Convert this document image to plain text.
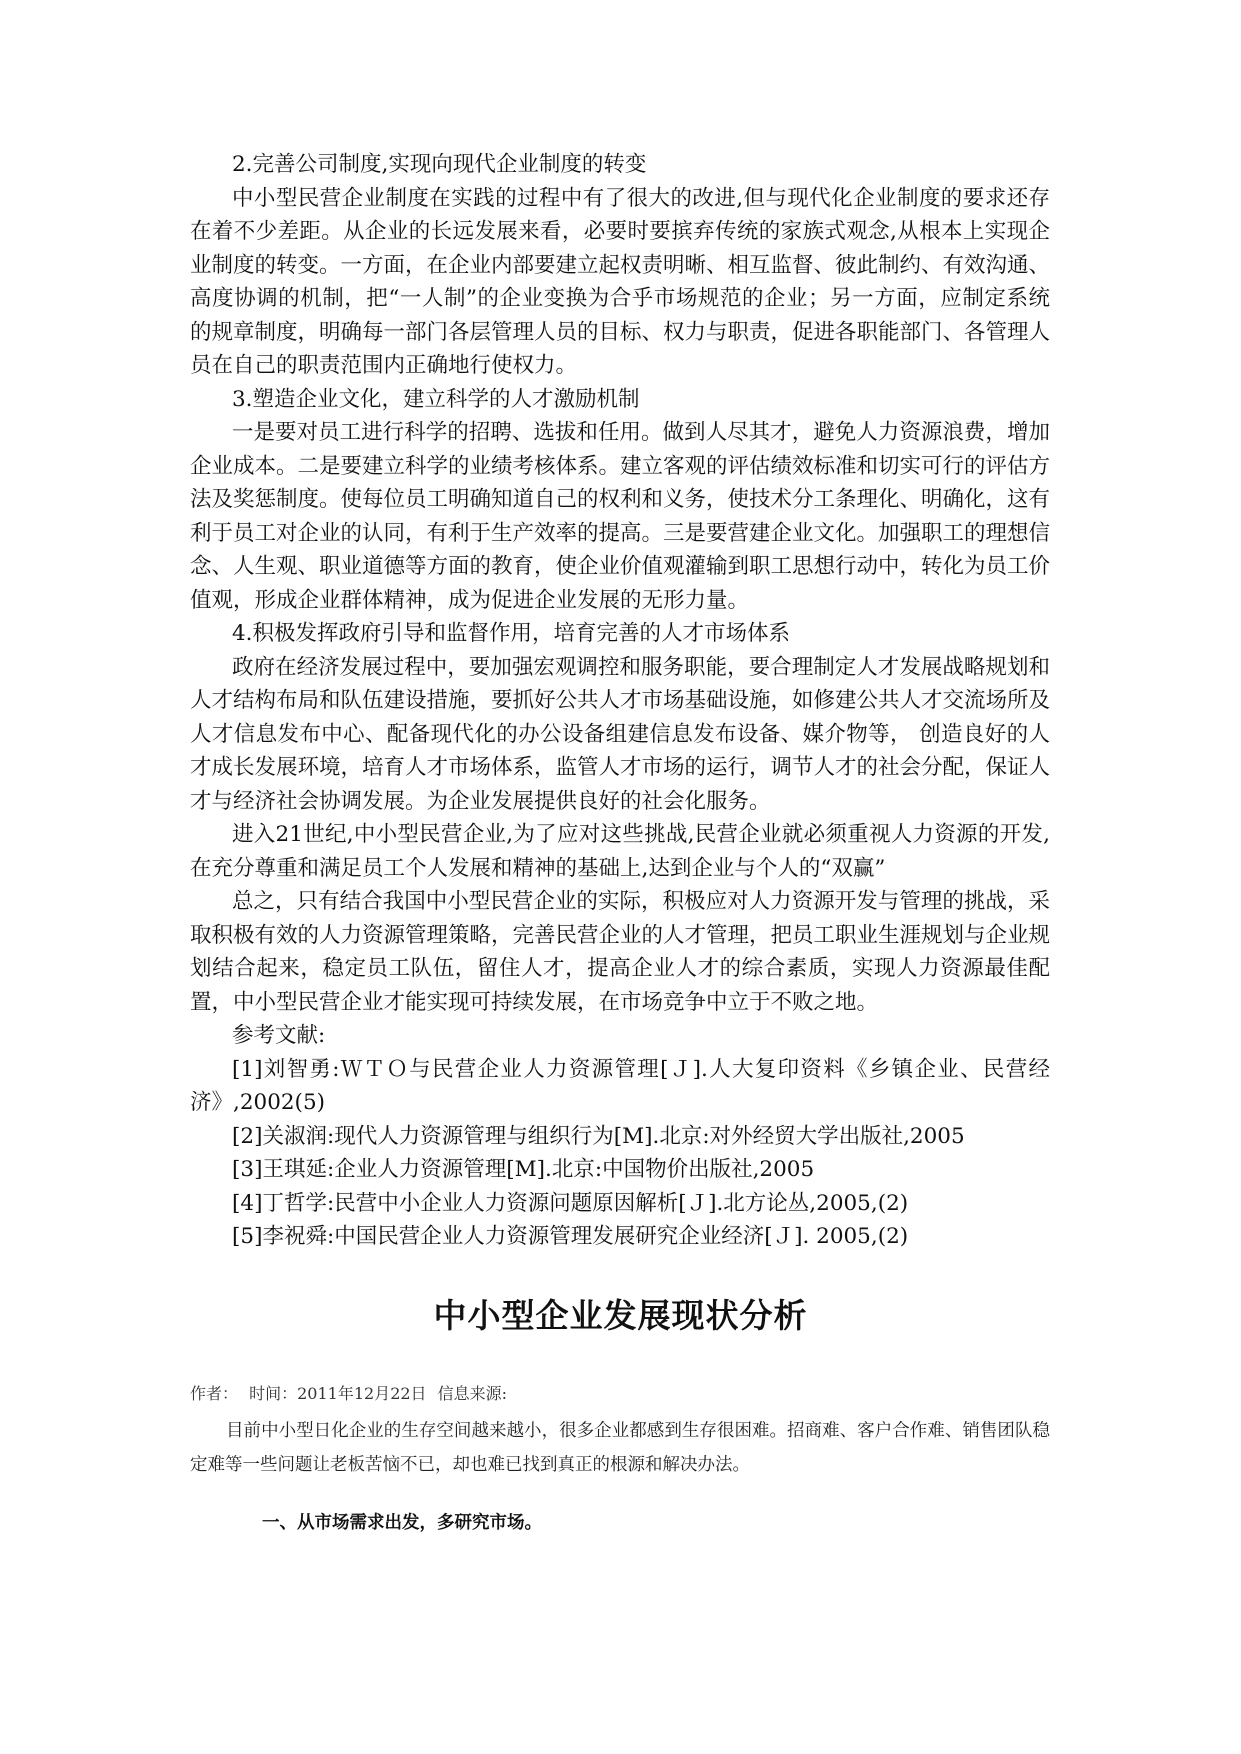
2.完善公司制度,实现向现代企业制度的转变

中小型民营企业制度在实践的过程中有了很大的改进,但与现代化企业制度的要求还存在着不少差距。从企业的长远发展来看，必要时要摈弃传统的家族式观念,从根本上实现企业制度的转变。一方面，在企业内部要建立起权责明晰、相互监督、彼此制约、有效沟通、高度协调的机制，把“一人制”的企业变换为合乎市场规范的企业；另一方面，应制定系统的规章制度，明确每一部门各层管理人员的目标、权力与职责，促进各职能部门、各管理人员在自己的职责范围内正确地行使权力。

3.塑造企业文化，建立科学的人才激励机制

一是要对员工进行科学的招聘、选拔和任用。做到人尽其才，避免人力资源浪费，增加企业成本。二是要建立科学的业绩考核体系。建立客观的评估绩效标准和切实可行的评估方法及奖惩制度。使每位员工明确知道自己的权利和义务，使技术分工条理化、明确化，这有利于员工对企业的认同，有利于生产效率的提高。三是要营建企业文化。加强职工的理想信念、人生观、职业道德等方面的教育，使企业价值观灌输到职工思想行动中，转化为员工价值观，形成企业群体精神，成为促进企业发展的无形力量。

4.积极发挥政府引导和监督作用，培育完善的人才市场体系

政府在经济发展过程中，要加强宏观调控和服务职能，要合理制定人才发展战略规划和人才结构布局和队伍建设措施，要抓好公共人才市场基础设施，如修建公共人才交流场所及人才信息发布中心、配备现代化的办公设备组建信息发布设备、媒介物等， 创造良好的人才成长发展环境，培育人才市场体系，监管人才市场的运行，调节人才的社会分配，保证人才与经济社会协调发展。为企业发展提供良好的社会化服务。

进入21世纪,中小型民营企业,为了应对这些挑战,民营企业就必须重视人力资源的开发,在充分尊重和满足员工个人发展和精神的基础上,达到企业与个人的“双赢”

总之，只有结合我国中小型民营企业的实际，积极应对人力资源开发与管理的挑战，采取积极有效的人力资源管理策略，完善民营企业的人才管理，把员工职业生涯规划与企业规划结合起来，稳定员工队伍，留住人才，提高企业人才的综合素质，实现人力资源最佳配置，中小型民营企业才能实现可持续发展，在市场竞争中立于不败之地。

参考文献:

[1]刘智勇:ＷＴＯ与民营企业人力资源管理[Ｊ].人大复印资料《乡镇企业、民营经济》,2002(5)

[2]关淑润:现代人力资源管理与组织行为[M].北京:对外经贸大学出版社,2005

[3]王琪延:企业人力资源管理[M].北京:中国物价出版社,2005

[4]丁哲学:民营中小企业人力资源问题原因解析[Ｊ].北方论丛,2005,(2)

[5]李祝舜:中国民营企业人力资源管理发展研究企业经济[Ｊ]. 2005,(2)

中小型企业发展现状分析

作者： 时间：2011年12月22日 信息来源:

目前中小型日化企业的生存空间越来越小，很多企业都感到生存很困难。招商难、客户合作难、销售团队稳定难等一些问题让老板苦恼不已，却也难已找到真正的根源和解决办法。

一、从市场需求出发，多研究市场。
